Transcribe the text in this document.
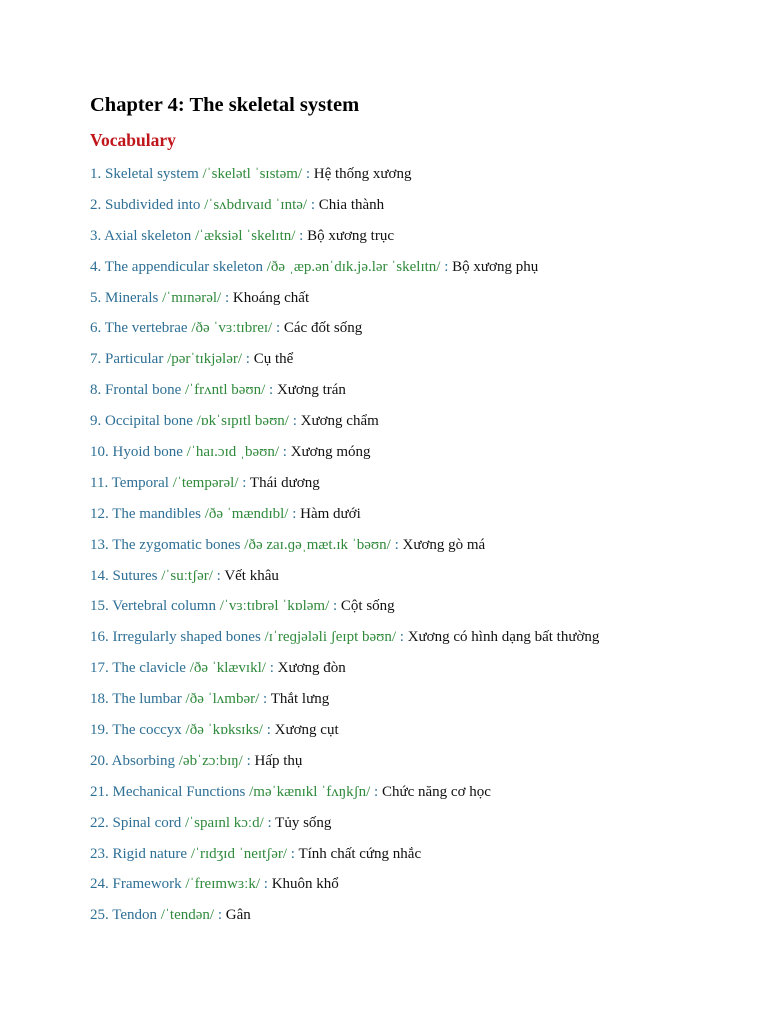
Chapter 4: The skeletal system
Vocabulary
1. Skeletal system /ˈskelətl ˈsɪstəm/ : Hệ thống xương
2. Subdivided into /ˈsʌbdɪvaɪd ˈɪntə/ : Chia thành
3. Axial skeleton /ˈæksiəl ˈskelɪtn/ : Bộ xương trục
4. The appendicular skeleton /ðə ˌæp.ənˈdɪk.jə.lər ˈskelɪtn/ : Bộ xương phụ
5. Minerals /ˈmɪnərəl/ : Khoáng chất
6. The vertebrae /ðə ˈvɜːtɪbreɪ/ : Các đốt sống
7. Particular /pərˈtɪkjələr/ : Cụ thể
8. Frontal bone /ˈfrʌntl bəʊn/ : Xương trán
9. Occipital bone /ɒkˈsɪpɪtl bəʊn/ : Xương chẩm
10. Hyoid bone /ˈhaɪ.ɔɪd ˌbəʊn/ : Xương móng
11. Temporal /ˈtempərəl/ : Thái dương
12. The mandibles /ðə ˈmændɪbl/ : Hàm dưới
13. The zygomatic bones /ðə zaɪ.ɡəˌmæt.ɪk ˈbəʊn/ : Xương gò má
14. Sutures /ˈsuːtʃər/ : Vết khâu
15. Vertebral column /ˈvɜːtɪbrəl ˈkɒləm/ : Cột sống
16. Irregularly shaped bones /ɪˈreɡjələli ʃeɪpt bəʊn/ : Xương có hình dạng bất thường
17. The clavicle /ðə ˈklævɪkl/ : Xương đòn
18. The lumbar /ðə ˈlʌmbər/ : Thắt lưng
19. The coccyx /ðə ˈkɒksɪks/ : Xương cụt
20. Absorbing /əbˈzɔːbɪŋ/ : Hấp thụ
21. Mechanical Functions /məˈkænɪkl ˈfʌŋkʃn/ : Chức năng cơ học
22. Spinal cord /ˈspaɪnl kɔːd/ : Tủy sống
23. Rigid nature /ˈrɪdʒɪd ˈneɪtʃər/ : Tính chất cứng nhắc
24. Framework /ˈfreɪmwɜːk/ : Khuôn khổ
25. Tendon /ˈtendən/ : Gân
